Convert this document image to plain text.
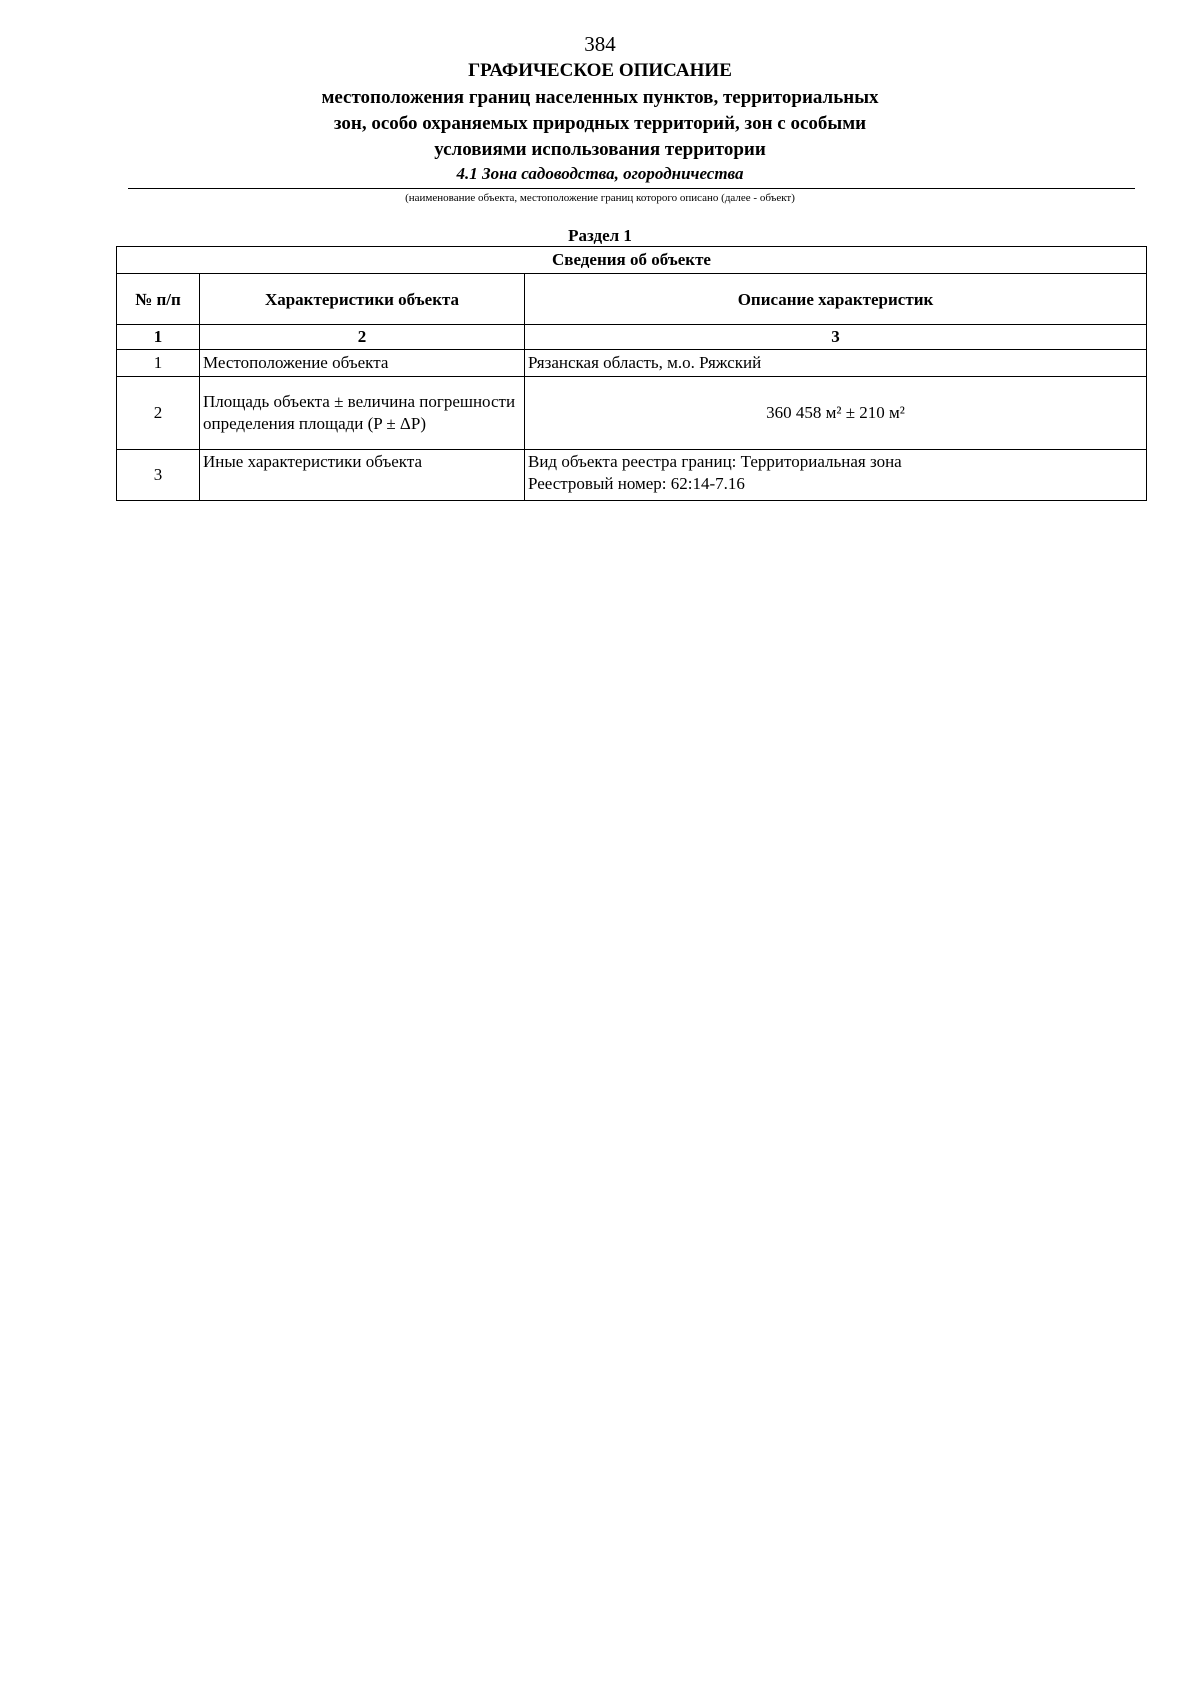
384
ГРАФИЧЕСКОЕ ОПИСАНИЕ
местоположения границ населенных пунктов, территориальных
зон, особо охраняемых природных территорий, зон с особыми
условиями использования территории
4.1 Зона садоводства, огородничества
(наименование объекта, местоположение границ которого описано (далее - объект)
Раздел 1
Сведения об объекте		
№ п/п	Характеристики объекта	Описание характеристик
1	2	3
1	Местоположение объекта	Рязанская область, м.о. Ряжский

2	Площадь объекта ± величина погрешности определения площади (P ± ΔP)	360 458 м² ± 210 м²

3	Иные характеристики объекта	Вид объекта реестра границ: Территориальная зона
Реестровый номер: 62:14-7.16
